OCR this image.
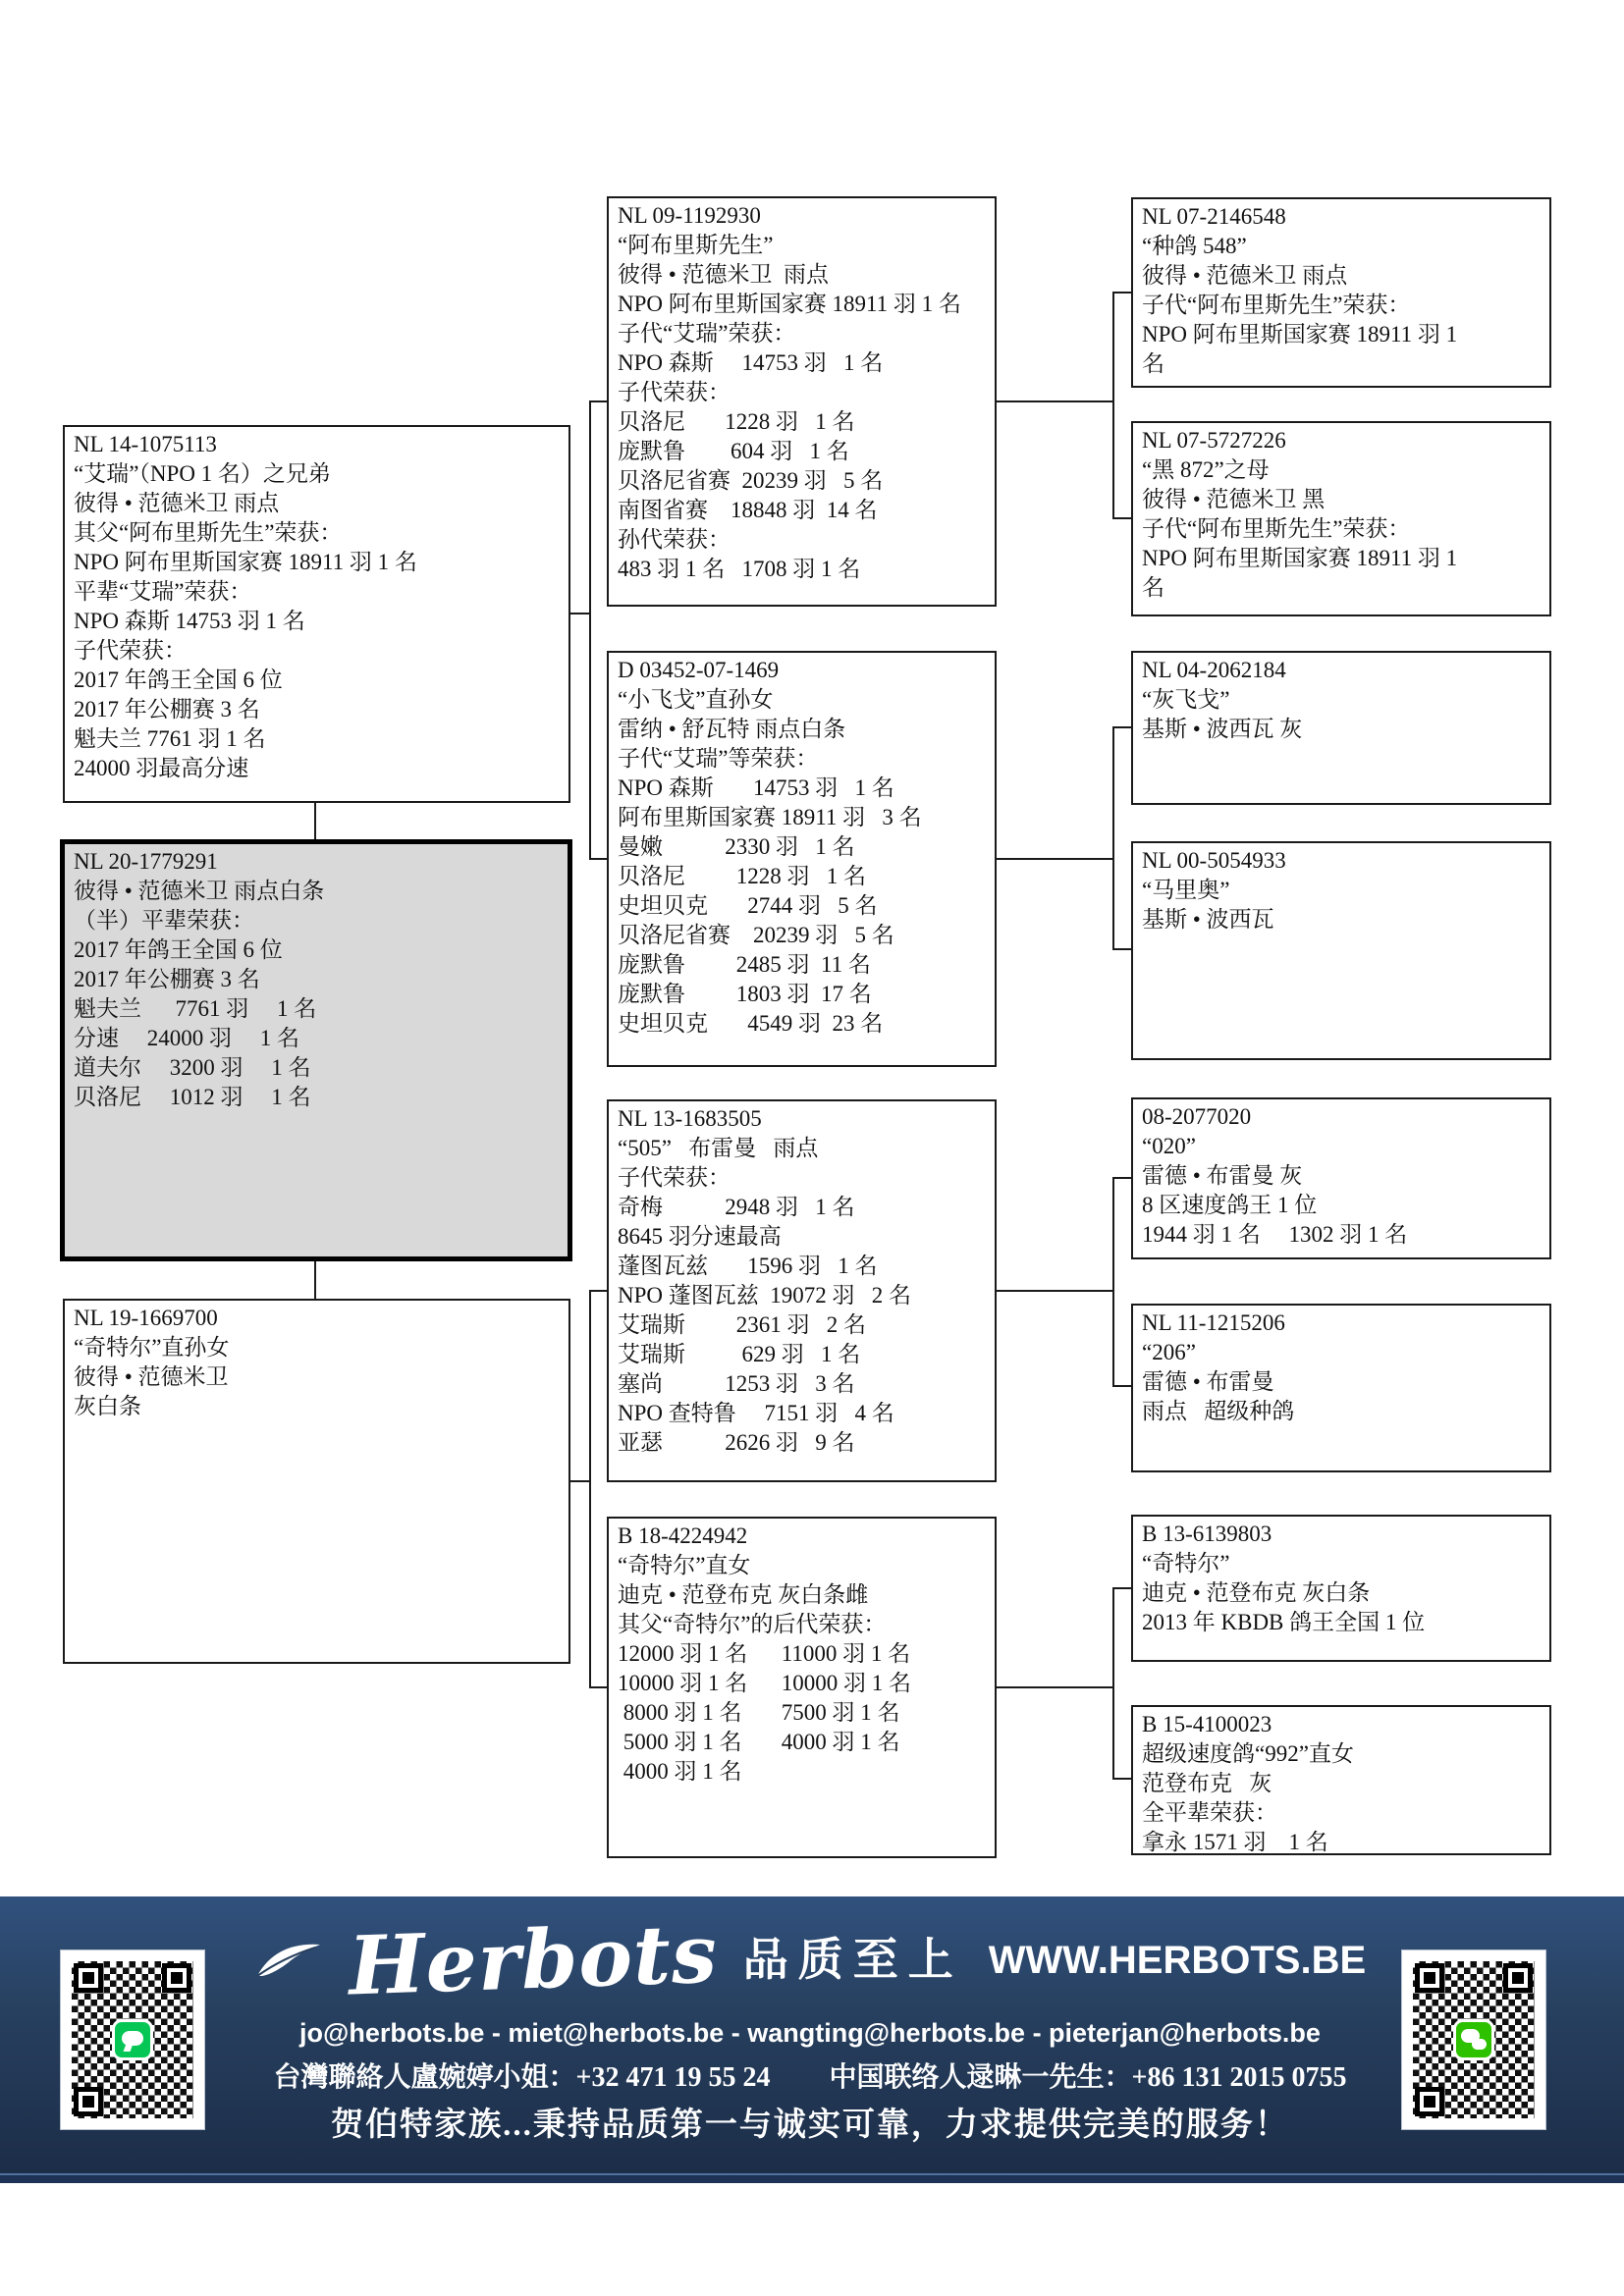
NL 14-1075113
“艾瑞”（NPO 1 名）之兄弟
彼得 • 范德米卫 雨点
其父“阿布里斯先生”荣获：
NPO 阿布里斯国家赛 18911 羽 1 名
平辈“艾瑞”荣获：
NPO 森斯 14753 羽 1 名
子代荣获：
2017 年鸽王全国 6 位
2017 年公棚赛 3 名
魁夫兰 7761 羽 1 名
24000 羽最高分速
NL 20-1779291
彼得 • 范德米卫 雨点白条
（半）平辈荣获：
2017 年鸽王全国 6 位
2017 年公棚赛 3 名
魁夫兰      7761 羽     1 名
分速     24000 羽     1 名
道夫尔     3200 羽     1 名
贝洛尼     1012 羽     1 名
NL 19-1669700
“奇特尔”直孙女
彼得 • 范德米卫
灰白条
NL 09-1192930
“阿布里斯先生”
彼得 • 范德米卫  雨点
NPO 阿布里斯国家赛 18911 羽 1 名
子代“艾瑞”荣获：
NPO 森斯     14753 羽   1 名
子代荣获：
贝洛尼       1228 羽   1 名
庞默鲁        604 羽   1 名
贝洛尼省赛  20239 羽   5 名
南图省赛    18848 羽  14 名
孙代荣获：
483 羽 1 名   1708 羽 1 名
D 03452-07-1469
“小飞戈”直孙女
雷纳 • 舒瓦特 雨点白条
子代“艾瑞”等荣获：
NPO 森斯       14753 羽   1 名
阿布里斯国家赛 18911 羽   3 名
曼嫩           2330 羽   1 名
贝洛尼         1228 羽   1 名
史坦贝克       2744 羽   5 名
贝洛尼省赛    20239 羽   5 名
庞默鲁         2485 羽  11 名
庞默鲁         1803 羽  17 名
史坦贝克       4549 羽  23 名
NL 13-1683505
“505”   布雷曼   雨点
子代荣获：
奇梅           2948 羽   1 名
8645 羽分速最高
蓬图瓦兹       1596 羽   1 名
NPO 蓬图瓦兹  19072 羽   2 名
艾瑞斯         2361 羽   2 名
艾瑞斯          629 羽   1 名
塞尚           1253 羽   3 名
NPO 查特鲁     7151 羽   4 名
亚瑟           2626 羽   9 名
B 18-4224942
“奇特尔”直女
迪克 • 范登布克 灰白条雌
其父“奇特尔”的后代荣获：
12000 羽 1 名      11000 羽 1 名
10000 羽 1 名      10000 羽 1 名
8000 羽 1 名       7500 羽 1 名
5000 羽 1 名       4000 羽 1 名
4000 羽 1 名
NL 07-2146548
“种鸽 548”
彼得 • 范德米卫 雨点
子代“阿布里斯先生”荣获：
NPO 阿布里斯国家赛 18911 羽 1
名
NL 07-5727226
“黑 872”之母
彼得 • 范德米卫 黑
子代“阿布里斯先生”荣获：
NPO 阿布里斯国家赛 18911 羽 1
名
NL 04-2062184
“灰飞戈”
基斯 • 波西瓦 灰
NL 00-5054933
“马里奥”
基斯 • 波西瓦
08-2077020
“020”
雷德 • 布雷曼 灰
8 区速度鸽王 1 位
1944 羽 1 名     1302 羽 1 名
NL 11-1215206
“206”
雷德 • 布雷曼
雨点   超级种鸽
B 13-6139803
“奇特尔”
迪克 • 范登布克 灰白条
2013 年 KBDB 鸽王全国 1 位
B 15-4100023
超级速度鸽“992”直女
范登布克   灰
全平辈荣获：
拿永 1571 羽    1 名
Herbots 品质至上 WWW.HERBOTS.BE
jo@herbots.be - miet@herbots.be - wangting@herbots.be - pieterjan@herbots.be
台灣聯絡人盧婉婷小姐：+32 471 19 55 24 中国联络人逯晽一先生：+86 131 2015 0755
贺伯特家族...秉持品质第一与诚实可靠，力求提供完美的服务！
